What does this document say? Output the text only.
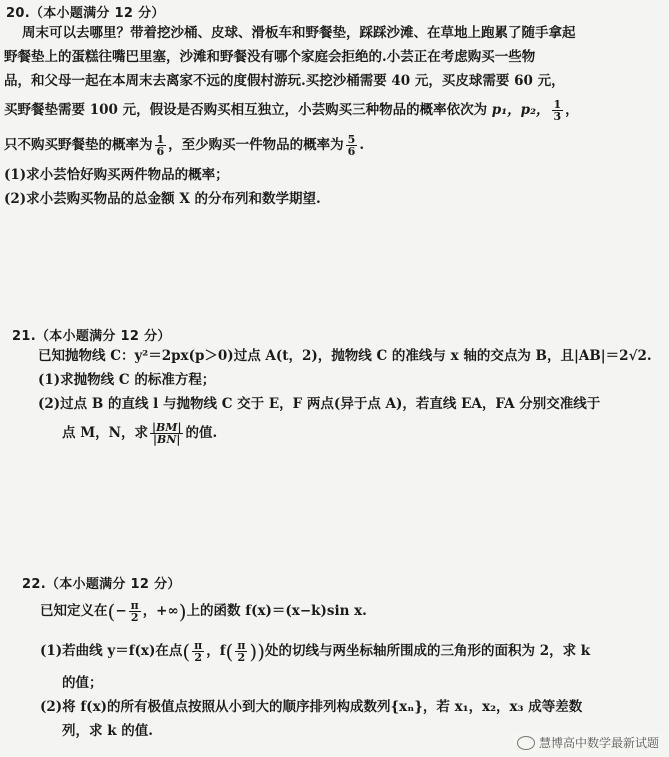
20.（本小题满分 12 分）
周末可以去哪里？带着挖沙桶、皮球、滑板车和野餐垫，踩踩沙滩、在草地上跑累了随手拿起
野餐垫上的蛋糕往嘴巴里塞，沙滩和野餐没有哪个家庭会拒绝的.小芸正在考虑购买一些物
品，和父母一起在本周末去离家不远的度假村游玩.买挖沙桶需要 40 元，买皮球需要 60 元，
买野餐垫需要 100 元，假设是否购买相互独立，小芸购买三种物品的概率依次为 p₁，p₂， $\frac{1}{3}$ ，
只不购买野餐垫的概率为 $\frac{1}{6}$ ，至少购买一件物品的概率为 $\frac{5}{6}$ .
(1)求小芸恰好购买两件物品的概率；
(2)求小芸购买物品的总金额 X 的分布列和数学期望.
21.（本小题满分 12 分）
已知抛物线 C：y²＝2px(p＞0)过点 A(t，2)，抛物线 C 的准线与 x 轴的交点为 B，且|AB|＝2√2.
(1)求抛物线 C 的标准方程；
(2)过点 B 的直线 l 与抛物线 C 交于 E，F 两点(异于点 A)，若直线 EA，FA 分别交准线于
点 M，N，求 $\frac{|BM|}{|BN|}$ 的值.
22.（本小题满分 12 分）
已知定义在(− $\frac{\pi}{2}$ ，+∞)上的函数 f(x)＝(x−k)sin x.
(1)若曲线 y＝f(x)在点( $\frac{\pi}{2}$ ，$f( \frac{\pi}{2}$ ))处的切线与两坐标轴所围成的三角形的面积为 2，求 k
的值；
(2)将 f(x)的所有极值点按照从小到大的顺序排列构成数列{xₙ}，若 x₁，x₂，x₃ 成等差数
列，求 k 的值.
慧博高中数学最新试题
